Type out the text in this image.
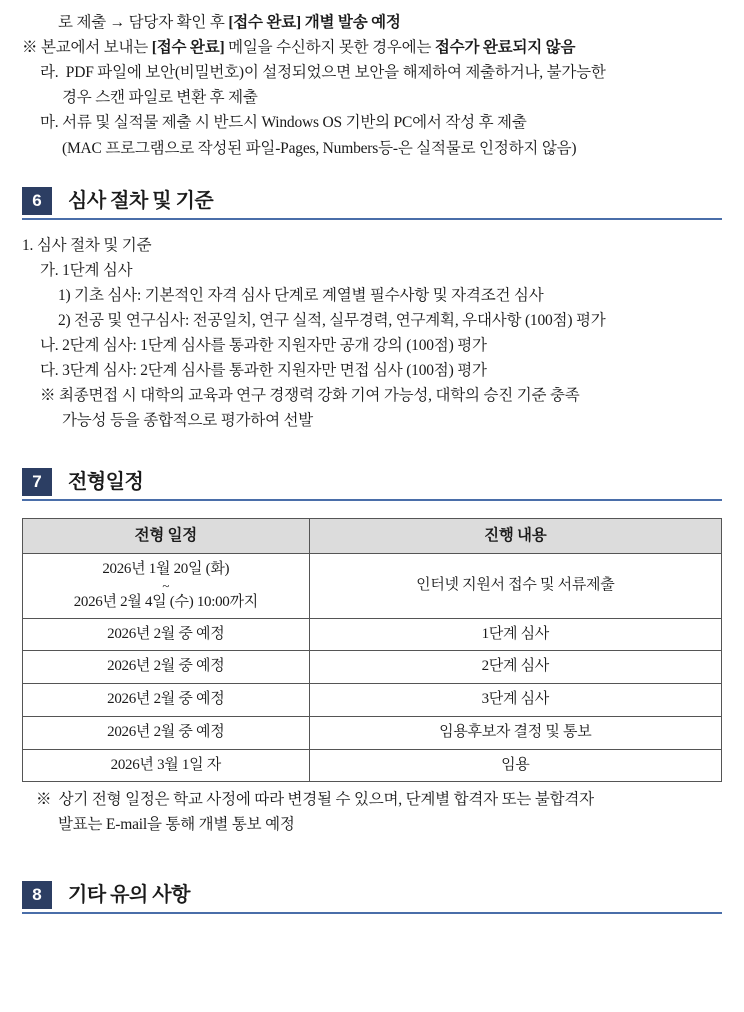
로 제출 → 담당자 확인 후 [접수 완료] 개별 발송 예정
※ 본교에서 보내는 [접수 완료] 메일을 수신하지 못한 경우에는 접수가 완료되지 않음
라.  PDF 파일에 보안(비밀번호)이 설정되었으면 보안을 해제하여 제출하거나, 불가능한
경우 스캔 파일로 변환 후 제출
마. 서류 및 실적물 제출 시 반드시 Windows OS 기반의 PC에서 작성 후 제출
(MAC 프로그램으로 작성된 파일-Pages, Numbers등-은 실적물로 인정하지 않음)
6	심사 절차 및 기준
1. 심사 절차 및 기준
가. 1단계 심사
1) 기초 심사: 기본적인 자격 심사 단계로 계열별 필수사항 및 자격조건 심사
2) 전공 및 연구심사: 전공일치, 연구 실적, 실무경력, 연구계획, 우대사항 (100점) 평가
나. 2단계 심사: 1단계 심사를 통과한 지원자만 공개 강의 (100점) 평가
다. 3단계 심사: 2단계 심사를 통과한 지원자만 면접 심사 (100점) 평가
※ 최종면접 시 대학의 교육과 연구 경쟁력 강화 기여 가능성, 대학의 승진 기준 충족
가능성 등을 종합적으로 평가하여 선발
7	전형일정
전형 일정	진행 내용

2026년 1월 20일 (화)
~
2026년 2월 4일 (수) 10:00까지	인터넷 지원서 접수 및 서류제출

2026년 2월 중 예정	1단계 심사

2026년 2월 중 예정	2단계 심사

2026년 2월 중 예정	3단계 심사

2026년 2월 중 예정	임용후보자 결정 및 통보

2026년 3월 1일 자	임용
※  상기 전형 일정은 학교 사정에 따라 변경될 수 있으며, 단계별 합격자 또는 불합격자
발표는 E-mail을 통해 개별 통보 예정
8	기타 유의 사항
